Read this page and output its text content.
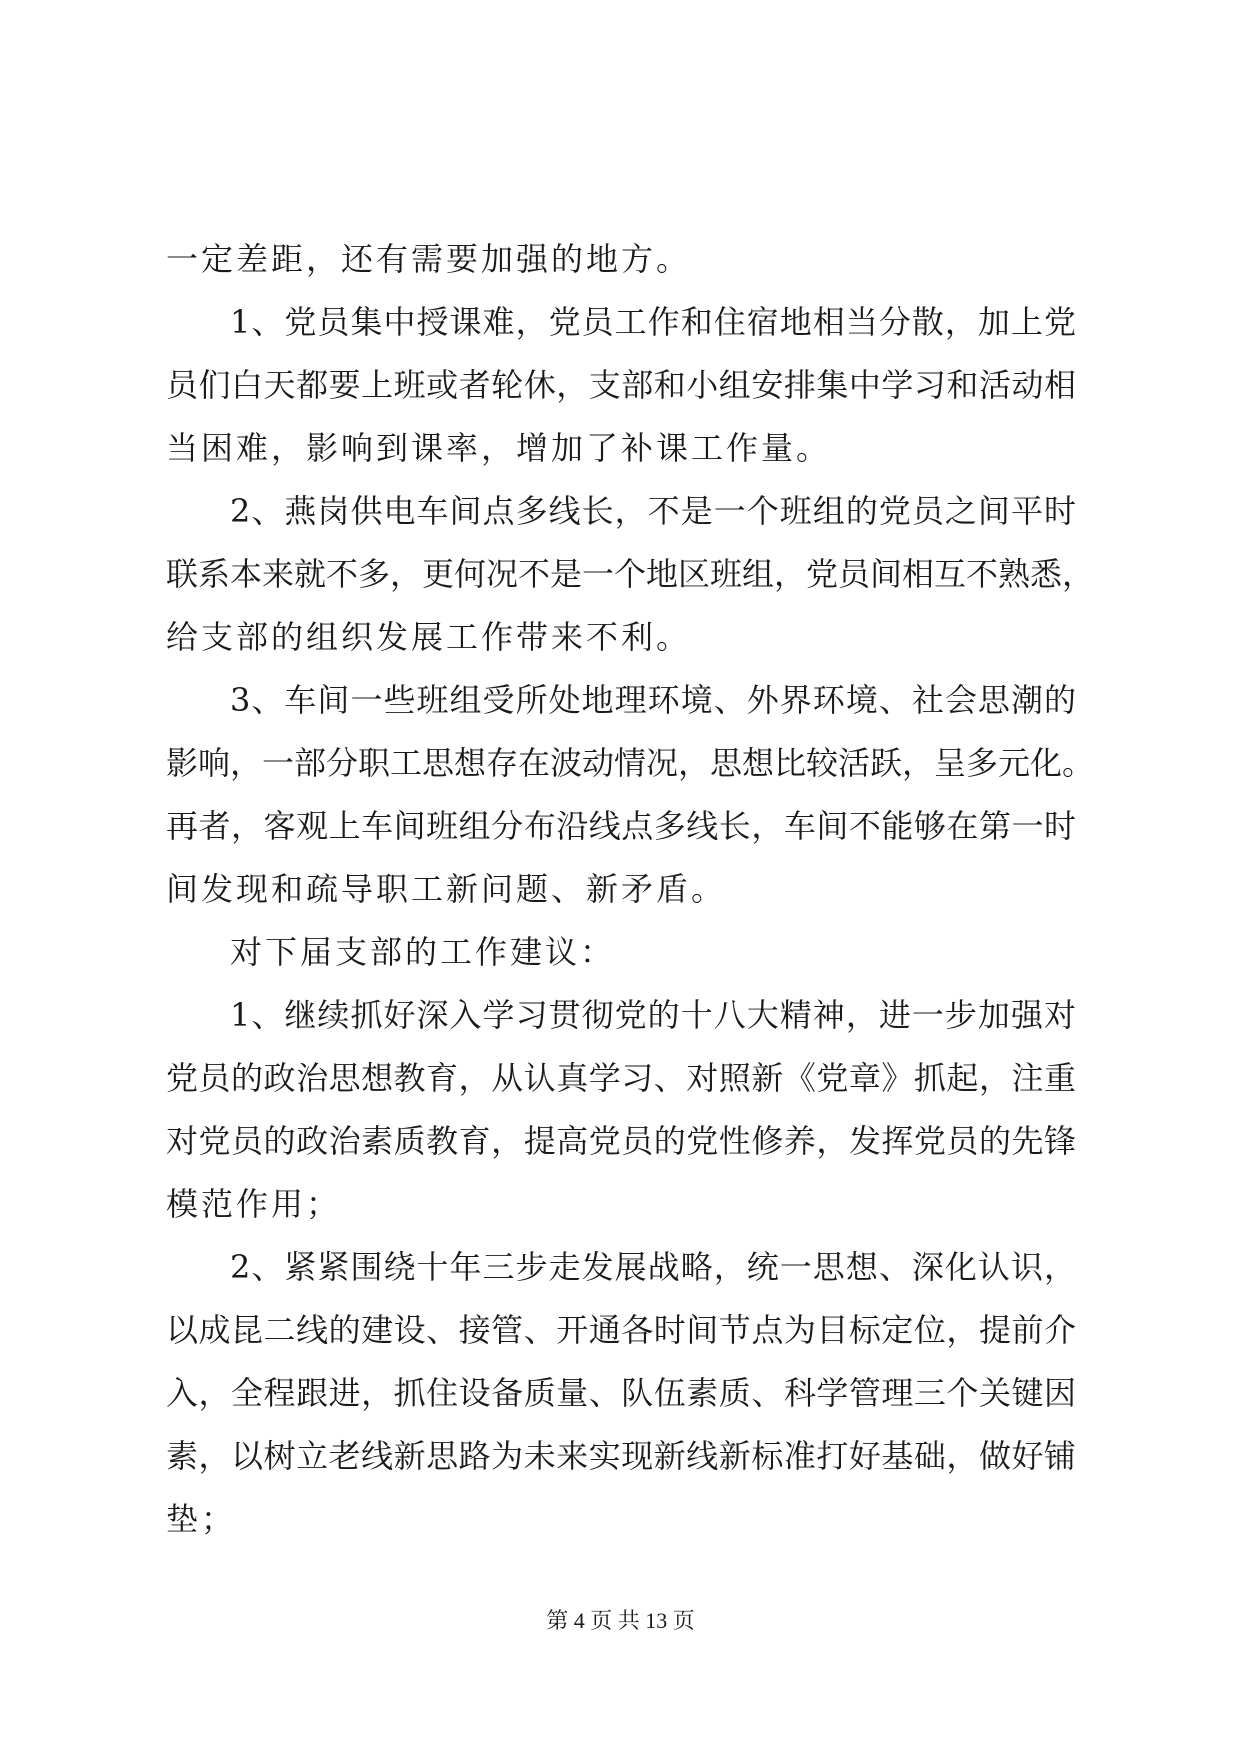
一定差距，还有需要加强的地方。
1、党员集中授课难，党员工作和住宿地相当分散，加上党
员们白天都要上班或者轮休，支部和小组安排集中学习和活动相
当困难，影响到课率，增加了补课工作量。
2、燕岗供电车间点多线长，不是一个班组的党员之间平时
联系本来就不多，更何况不是一个地区班组，党员间相互不熟悉，
给支部的组织发展工作带来不利。
3、车间一些班组受所处地理环境、外界环境、社会思潮的
影响，一部分职工思想存在波动情况，思想比较活跃，呈多元化。
再者，客观上车间班组分布沿线点多线长，车间不能够在第一时
间发现和疏导职工新问题、新矛盾。
对下届支部的工作建议：
1、继续抓好深入学习贯彻党的十八大精神，进一步加强对
党员的政治思想教育，从认真学习、对照新《党章》抓起，注重
对党员的政治素质教育，提高党员的党性修养，发挥党员的先锋
模范作用；
2、紧紧围绕十年三步走发展战略，统一思想、深化认识，
以成昆二线的建设、接管、开通各时间节点为目标定位，提前介
入，全程跟进，抓住设备质量、队伍素质、科学管理三个关键因
素，以树立老线新思路为未来实现新线新标准打好基础，做好铺
垫；
第 4 页 共 13 页
